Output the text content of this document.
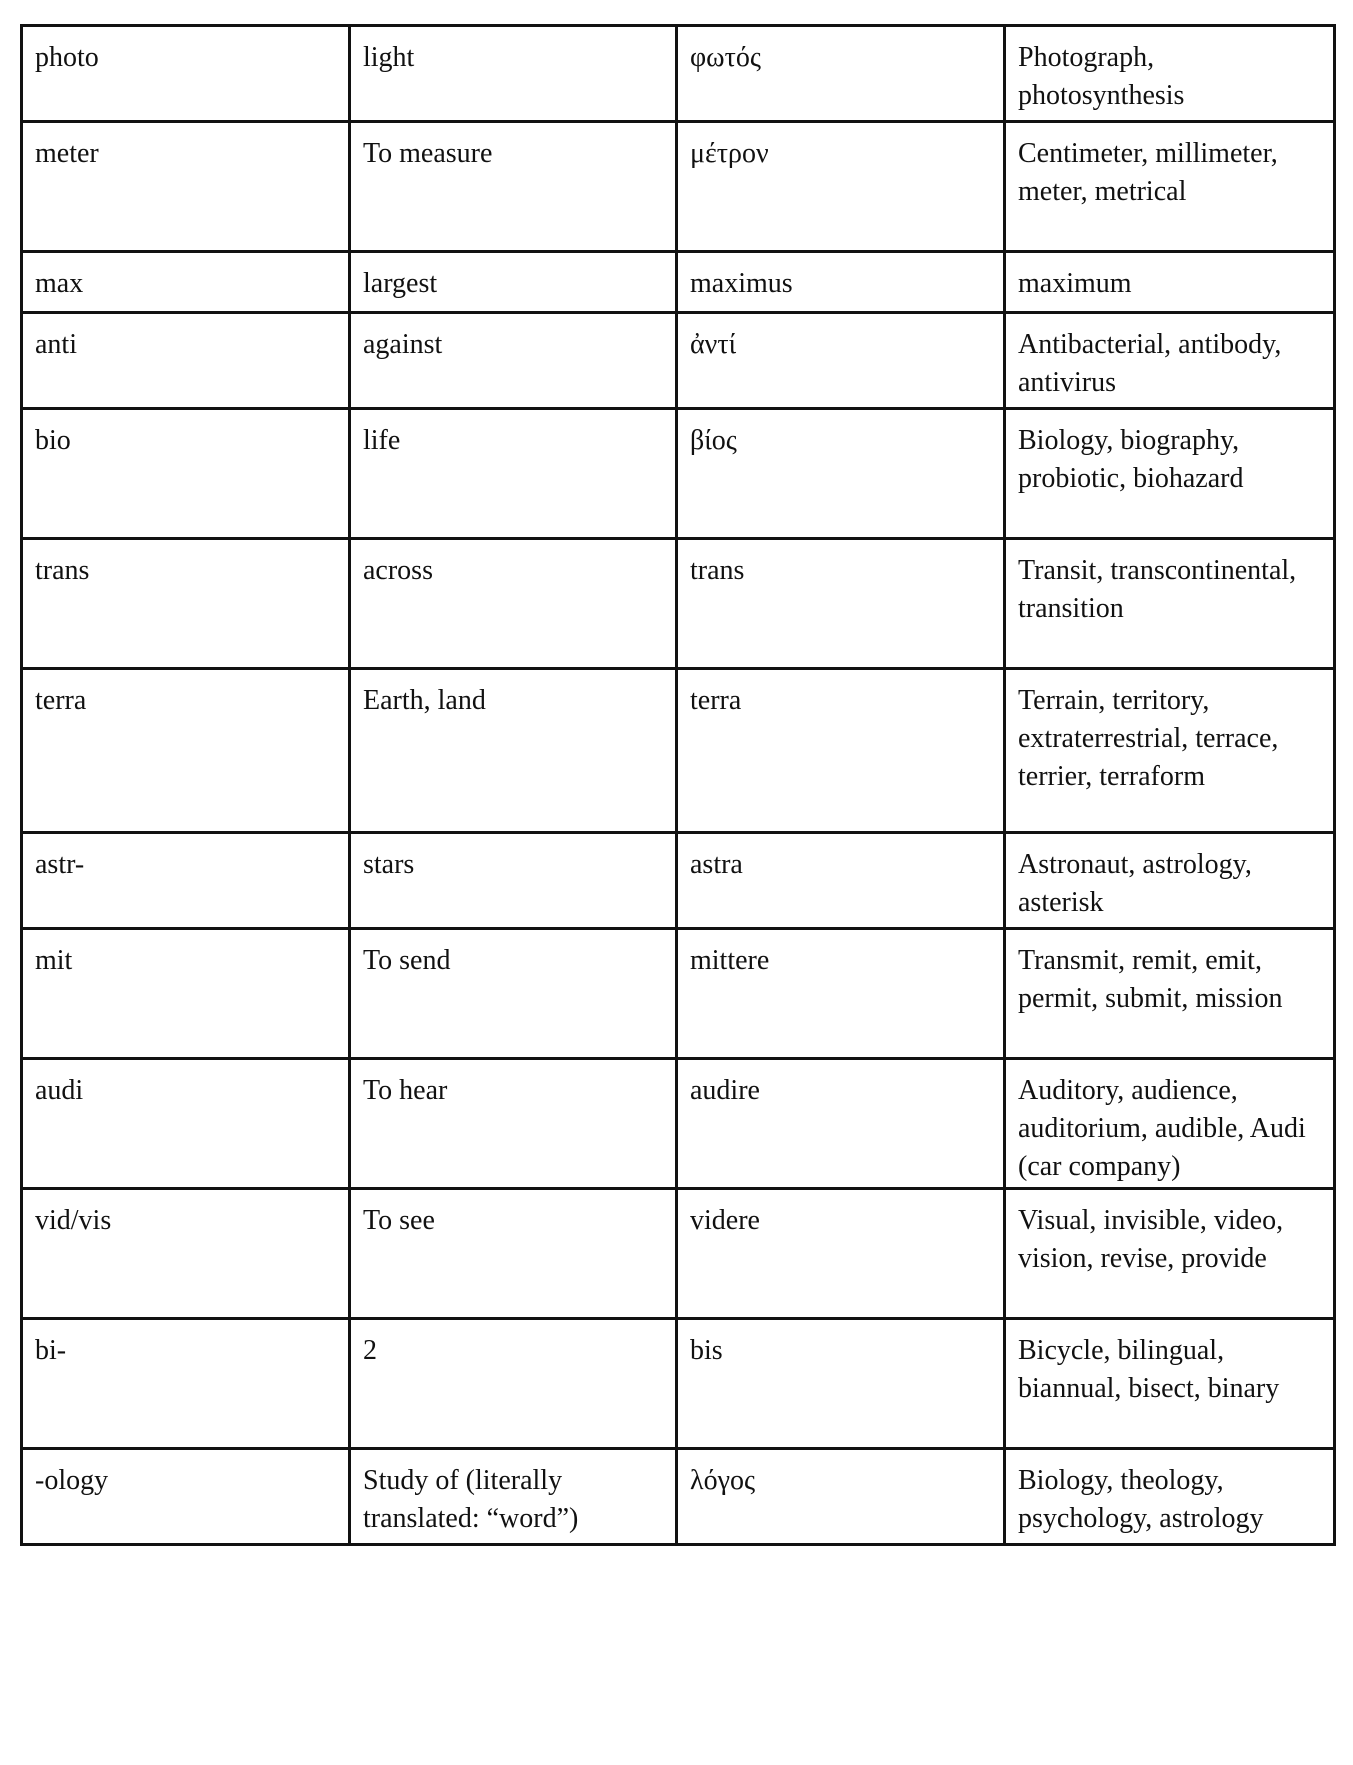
photo	light	φωτός	Photograph, photosynthesis
meter	To measure	μέτρον	Centimeter, millimeter, meter, metrical
max	largest	maximus	maximum
anti	against	ἀντί	Antibacterial, antibody, antivirus
bio	life	βίος	Biology, biography, probiotic, biohazard
trans	across	trans	Transit, transcontinental, transition
terra	Earth, land	terra	Terrain, territory, extraterrestrial, terrace, terrier, terraform
astr-	stars	astra	Astronaut, astrology, asterisk
mit	To send	mittere	Transmit, remit, emit, permit, submit, mission
audi	To hear	audire	Auditory, audience, auditorium, audible, Audi (car company)
vid/vis	To see	videre	Visual, invisible, video, vision, revise, provide
bi-	2	bis	Bicycle, bilingual, biannual, bisect, binary
-ology	Study of (literally translated: “word”)	λόγος	Biology, theology, psychology, astrology
